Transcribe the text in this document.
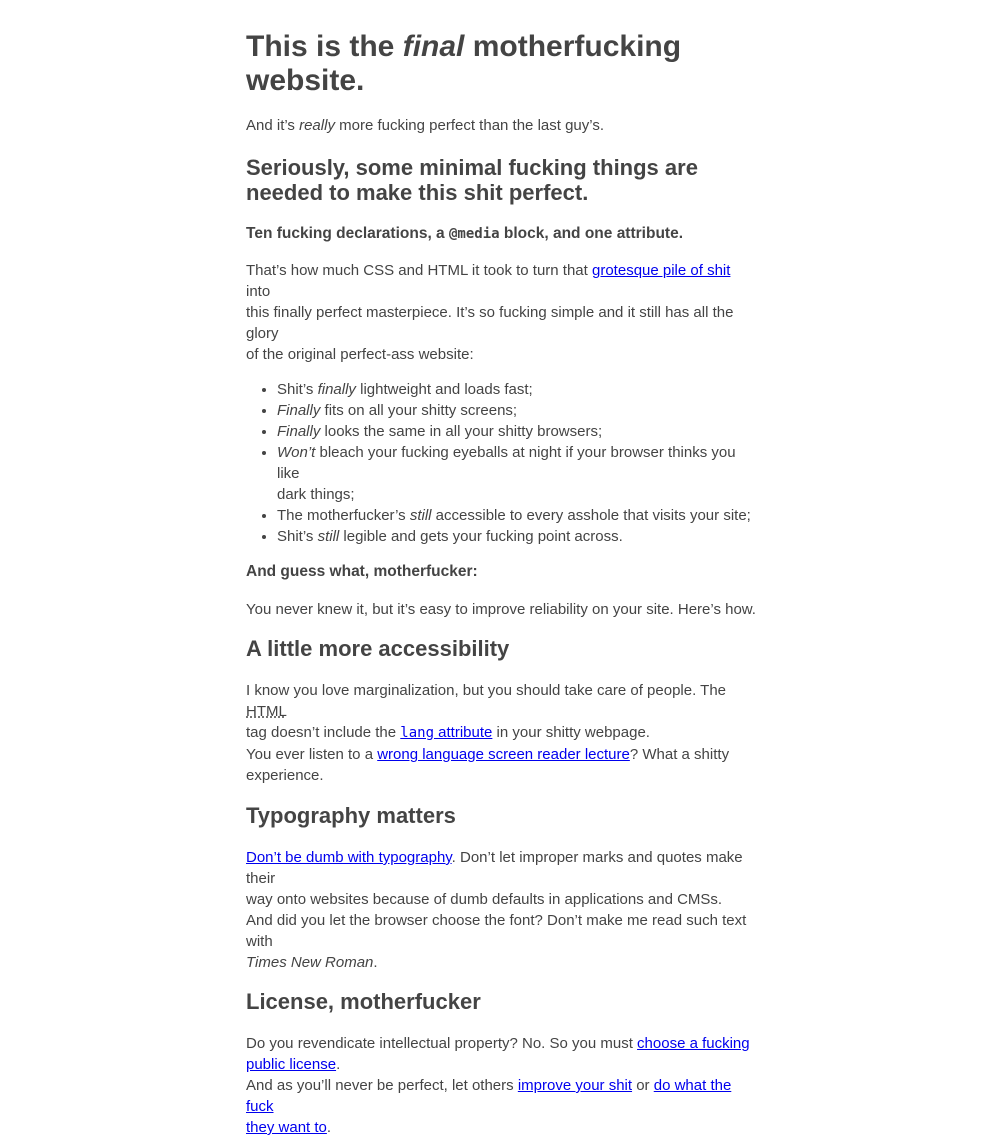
This is the final motherfucking
website.

And it’s really more fucking perfect than the last guy’s.

Seriously, some minimal fucking things are
needed to make this shit perfect.
Ten fucking declarations, a @media block, and one attribute.

That’s how much CSS and HTML it took to turn that grotesque pile of shit into
this finally perfect masterpiece. It’s so fucking simple and it still has all the glory
of the original perfect-ass website:

• Shit’s finally lightweight and loads fast;
• Finally fits on all your shitty screens;
• Finally looks the same in all your shitty browsers;
• Won’t bleach your fucking eyeballs at night if your browser thinks you like
dark things;
• The motherfucker’s still accessible to every asshole that visits your site;
• Shit’s still legible and gets your fucking point across.
And guess what, motherfucker:

You never knew it, but it’s easy to improve reliability on your site. Here’s how.

A little more accessibility

I know you love marginalization, but you should take care of people. The HTML
tag doesn’t include the lang attribute in your shitty webpage.
You ever listen to a wrong language screen reader lecture? What a shitty
experience.

Typography matters

Don’t be dumb with typography. Don’t let improper marks and quotes make their
way onto websites because of dumb defaults in applications and CMSs.
And did you let the browser choose the font? Don’t make me read such text with
Times New Roman.

License, motherfucker

Do you revendicate intellectual property? No. So you must choose a fucking
public license.
And as you’ll never be perfect, let others improve your shit or do what the fuck
they want to.
